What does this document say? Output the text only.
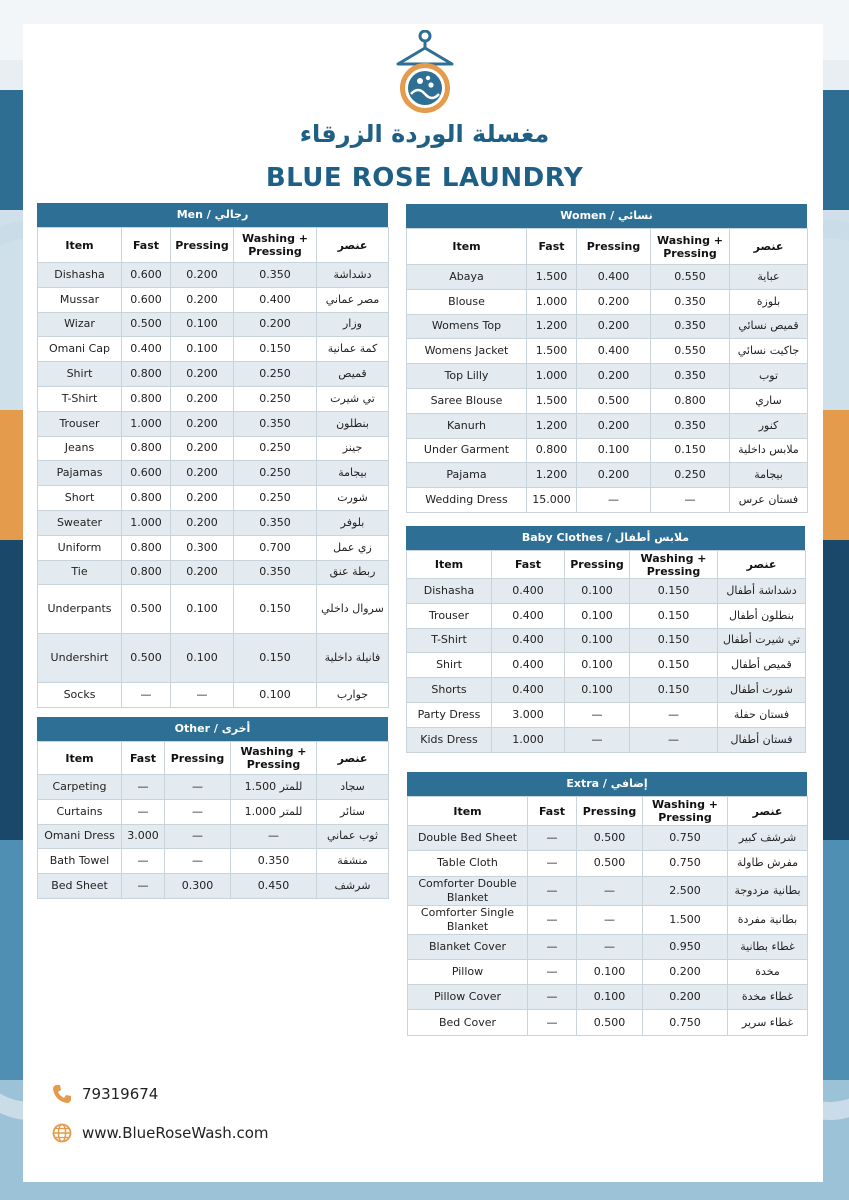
مغسلة الوردة الزرقاء
BLUE ROSE LAUNDRY
Men / رجالي
Item	Fast	Pressing	Washing + Pressing	عنصر
Dishasha	0.600	0.200	0.350	دشداشة
Mussar	0.600	0.200	0.400	مصر عماني
Wizar	0.500	0.100	0.200	وزار
Omani Cap	0.400	0.100	0.150	كمة عمانية
Shirt	0.800	0.200	0.250	قميص
T-Shirt	0.800	0.200	0.250	تي شيرت
Trouser	1.000	0.200	0.350	بنطلون
Jeans	0.800	0.200	0.250	جينز
Pajamas	0.600	0.200	0.250	بيجامة
Short	0.800	0.200	0.250	شورت
Sweater	1.000	0.200	0.350	بلوفر
Uniform	0.800	0.300	0.700	زي عمل
Tie	0.800	0.200	0.350	ربطة عنق
Underpants	0.500	0.100	0.150	سروال داخلي
Undershirt	0.500	0.100	0.150	فانيلة داخلية
Socks	—	—	0.100	جوارب
Other / أخرى
Item	Fast	Pressing	Washing + Pressing	عنصر
Carpeting	—	—	للمتر 1.500	سجاد
Curtains	—	—	للمتر 1.000	ستائر
Omani Dress	3.000	—	—	ثوب عماني
Bath Towel	—	—	0.350	منشفة
Bed Sheet	—	0.300	0.450	شرشف
Women / نسائي
Item	Fast	Pressing	Washing + Pressing	عنصر
Abaya	1.500	0.400	0.550	عباية
Blouse	1.000	0.200	0.350	بلوزة
Womens Top	1.200	0.200	0.350	قميص نسائي
Womens Jacket	1.500	0.400	0.550	جاكيت نسائي
Top Lilly	1.000	0.200	0.350	توب
Saree Blouse	1.500	0.500	0.800	ساري
Kanurh	1.200	0.200	0.350	كنور
Under Garment	0.800	0.100	0.150	ملابس داخلية
Pajama	1.200	0.200	0.250	بيجامة
Wedding Dress	15.000	—	—	فستان عرس
Baby Clothes / ملابس أطفال
Item	Fast	Pressing	Washing + Pressing	عنصر
Dishasha	0.400	0.100	0.150	دشداشة أطفال
Trouser	0.400	0.100	0.150	بنطلون أطفال
T-Shirt	0.400	0.100	0.150	تي شيرت أطفال
Shirt	0.400	0.100	0.150	قميص أطفال
Shorts	0.400	0.100	0.150	شورت أطفال
Party Dress	3.000	—	—	فستان حفلة
Kids Dress	1.000	—	—	فستان أطفال
Extra / إضافي
Item	Fast	Pressing	Washing + Pressing	عنصر
Double Bed Sheet	—	0.500	0.750	شرشف كبير
Table Cloth	—	0.500	0.750	مفرش طاولة
Comforter Double Blanket	—	—	2.500	بطانية مزدوجة
Comforter Single Blanket	—	—	1.500	بطانية مفردة
Blanket Cover	—	—	0.950	غطاء بطانية
Pillow	—	0.100	0.200	مخدة
Pillow Cover	—	0.100	0.200	غطاء مخدة
Bed Cover	—	0.500	0.750	غطاء سرير
79319674
www.BlueRoseWash.com
